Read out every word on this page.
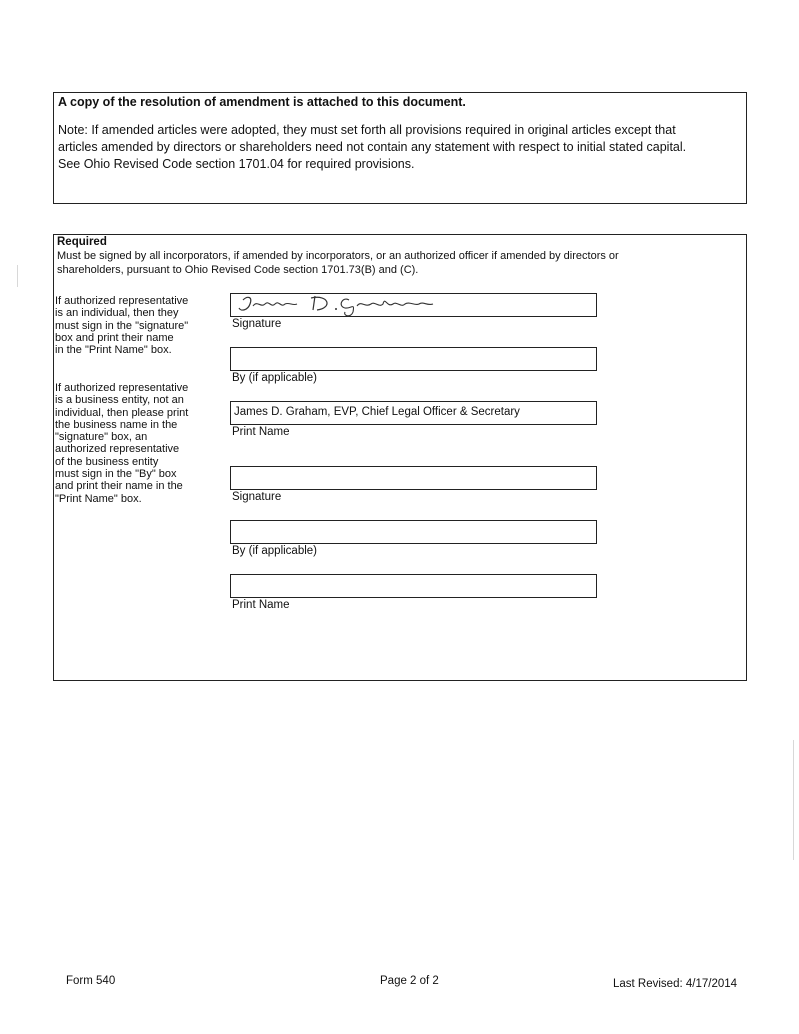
A copy of the resolution of amendment is attached to this document.
Note: If amended articles were adopted, they must set forth all provisions required in original articles except that
articles amended by directors or shareholders need not contain any statement with respect to initial stated capital.
See Ohio Revised Code section 1701.04 for required provisions.
Required
Must be signed by all incorporators, if amended by incorporators, or an authorized officer if amended by directors or
shareholders, pursuant to Ohio Revised Code section 1701.73(B) and (C).
If authorized representative
is an individual, then they
must sign in the "signature"
box and print their name
in the "Print Name" box.
If authorized representative
is a business entity, not an
individual, then please print
the business name in the
"signature" box, an
authorized representative
of the business entity
must sign in the "By" box
and print their name in the
"Print Name" box.
Signature
By (if applicable)
James D. Graham, EVP, Chief Legal Officer & Secretary
Print Name
Signature
By (if applicable)
Print Name
Form 540	Page 2 of 2	Last Revised: 4/17/2014
